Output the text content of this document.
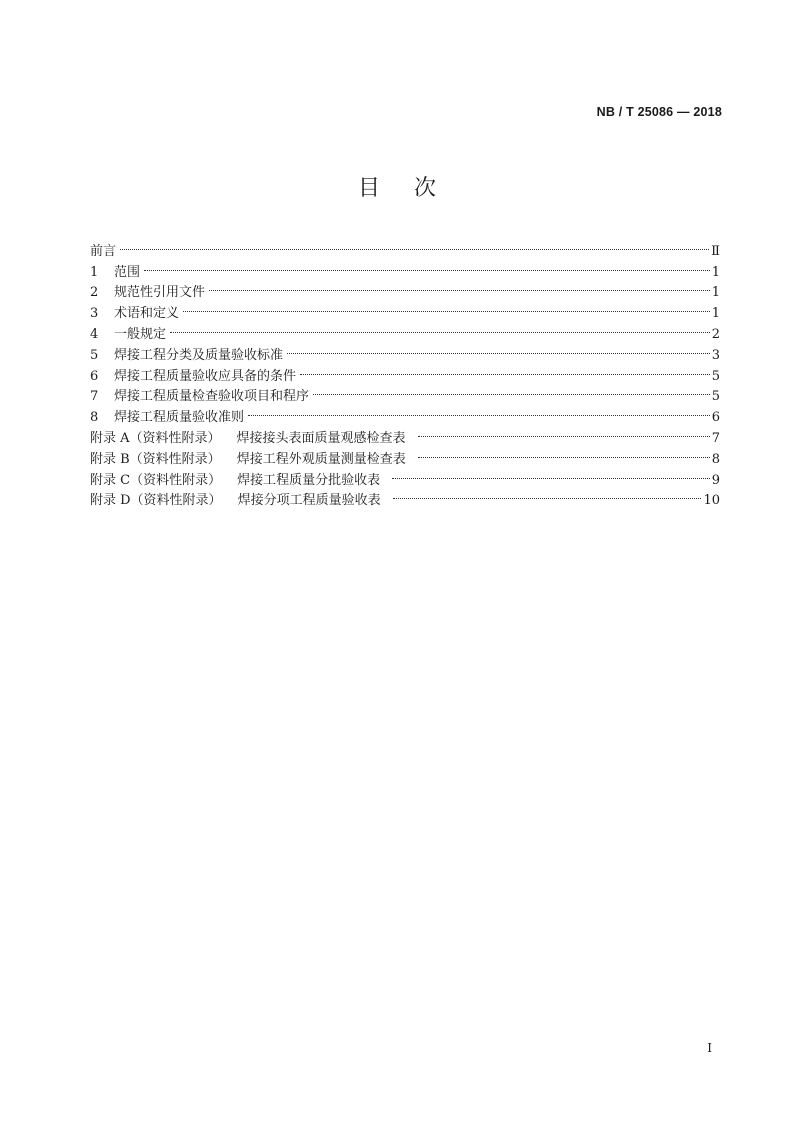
NB / T 25086 — 2018
目次
前言	Ⅱ
1	范围	1
2	规范性引用文件	1
3	术语和定义	1
4	一般规定	2
5	焊接工程分类及质量验收标准	3
6	焊接工程质量验收应具备的条件	5
7	焊接工程质量检查验收项目和程序	5
8	焊接工程质量验收准则	6
附录 A（资料性附录） 焊接接头表面质量观感检查表	7
附录 B（资料性附录） 焊接工程外观质量测量检查表	8
附录 C（资料性附录） 焊接工程质量分批验收表	9
附录 D（资料性附录） 焊接分项工程质量验收表	10
I
